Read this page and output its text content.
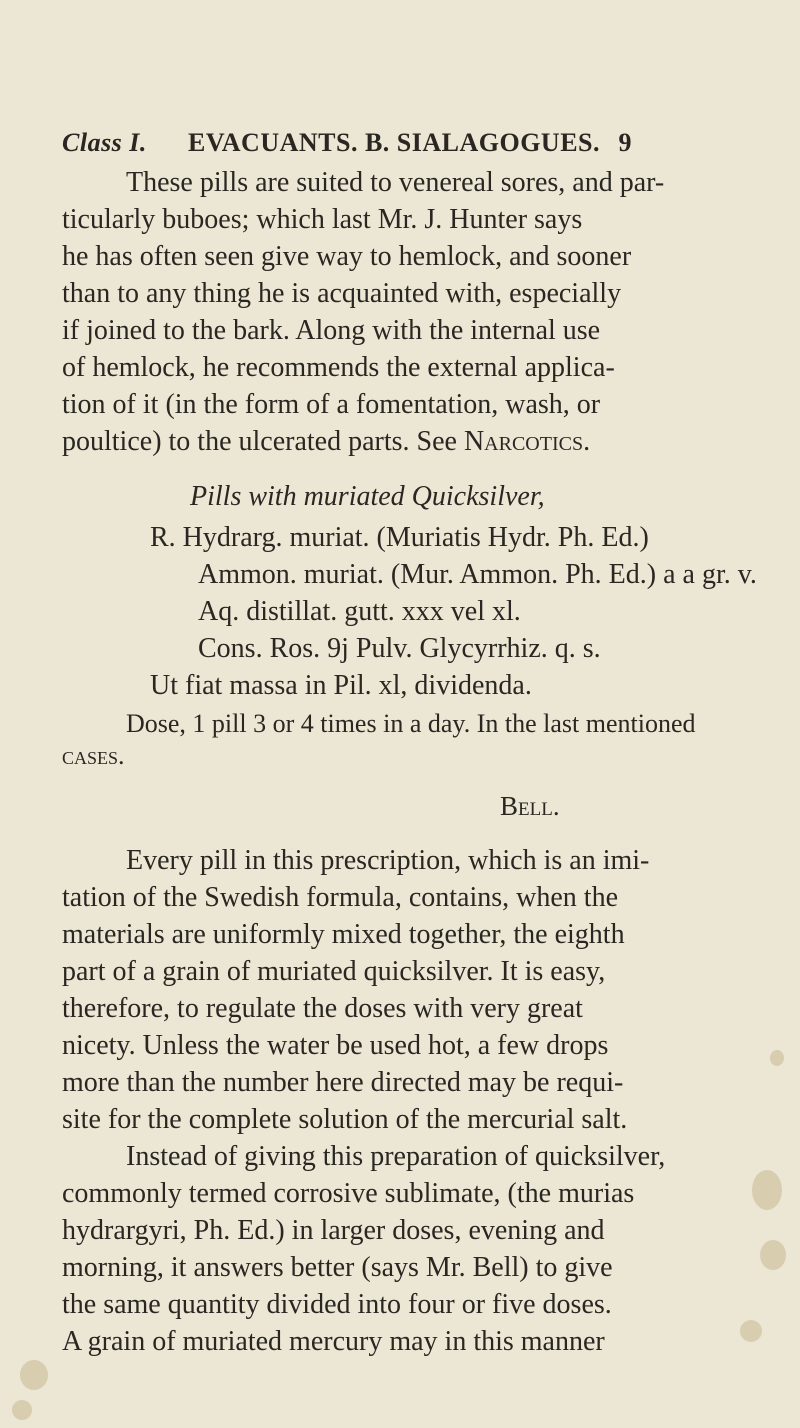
Class I. EVACUANTS. B. SIALAGOGUES. 9
These pills are suited to venereal sores, and par-
ticularly buboes; which last Mr. J. Hunter says
he has often seen give way to hemlock, and sooner
than to any thing he is acquainted with, especially
if joined to the bark. Along with the internal use
of hemlock, he recommends the external applica-
tion of it (in the form of a fomentation, wash, or
poultice) to the ulcerated parts. See Narcotics.
Pills with muriated Quicksilver,
R. Hydrarg. muriat. (Muriatis Hydr. Ph. Ed.)
Ammon. muriat. (Mur. Ammon. Ph. Ed.) a a gr. v.
Aq. distillat. gutt. xxx vel xl.
Cons. Ros. 9j Pulv. Glycyrrhiz. q. s.
Ut fiat massa in Pil. xl, dividenda.
Dose, 1 pill 3 or 4 times in a day. In the last mentioned
cases.
Bell.
Every pill in this prescription, which is an imi-
tation of the Swedish formula, contains, when the
materials are uniformly mixed together, the eighth
part of a grain of muriated quicksilver. It is easy,
therefore, to regulate the doses with very great
nicety. Unless the water be used hot, a few drops
more than the number here directed may be requi-
site for the complete solution of the mercurial salt.
Instead of giving this preparation of quicksilver,
commonly termed corrosive sublimate, (the murias
hydrargyri, Ph. Ed.) in larger doses, evening and
morning, it answers better (says Mr. Bell) to give
the same quantity divided into four or five doses.
A grain of muriated mercury may in this manner
